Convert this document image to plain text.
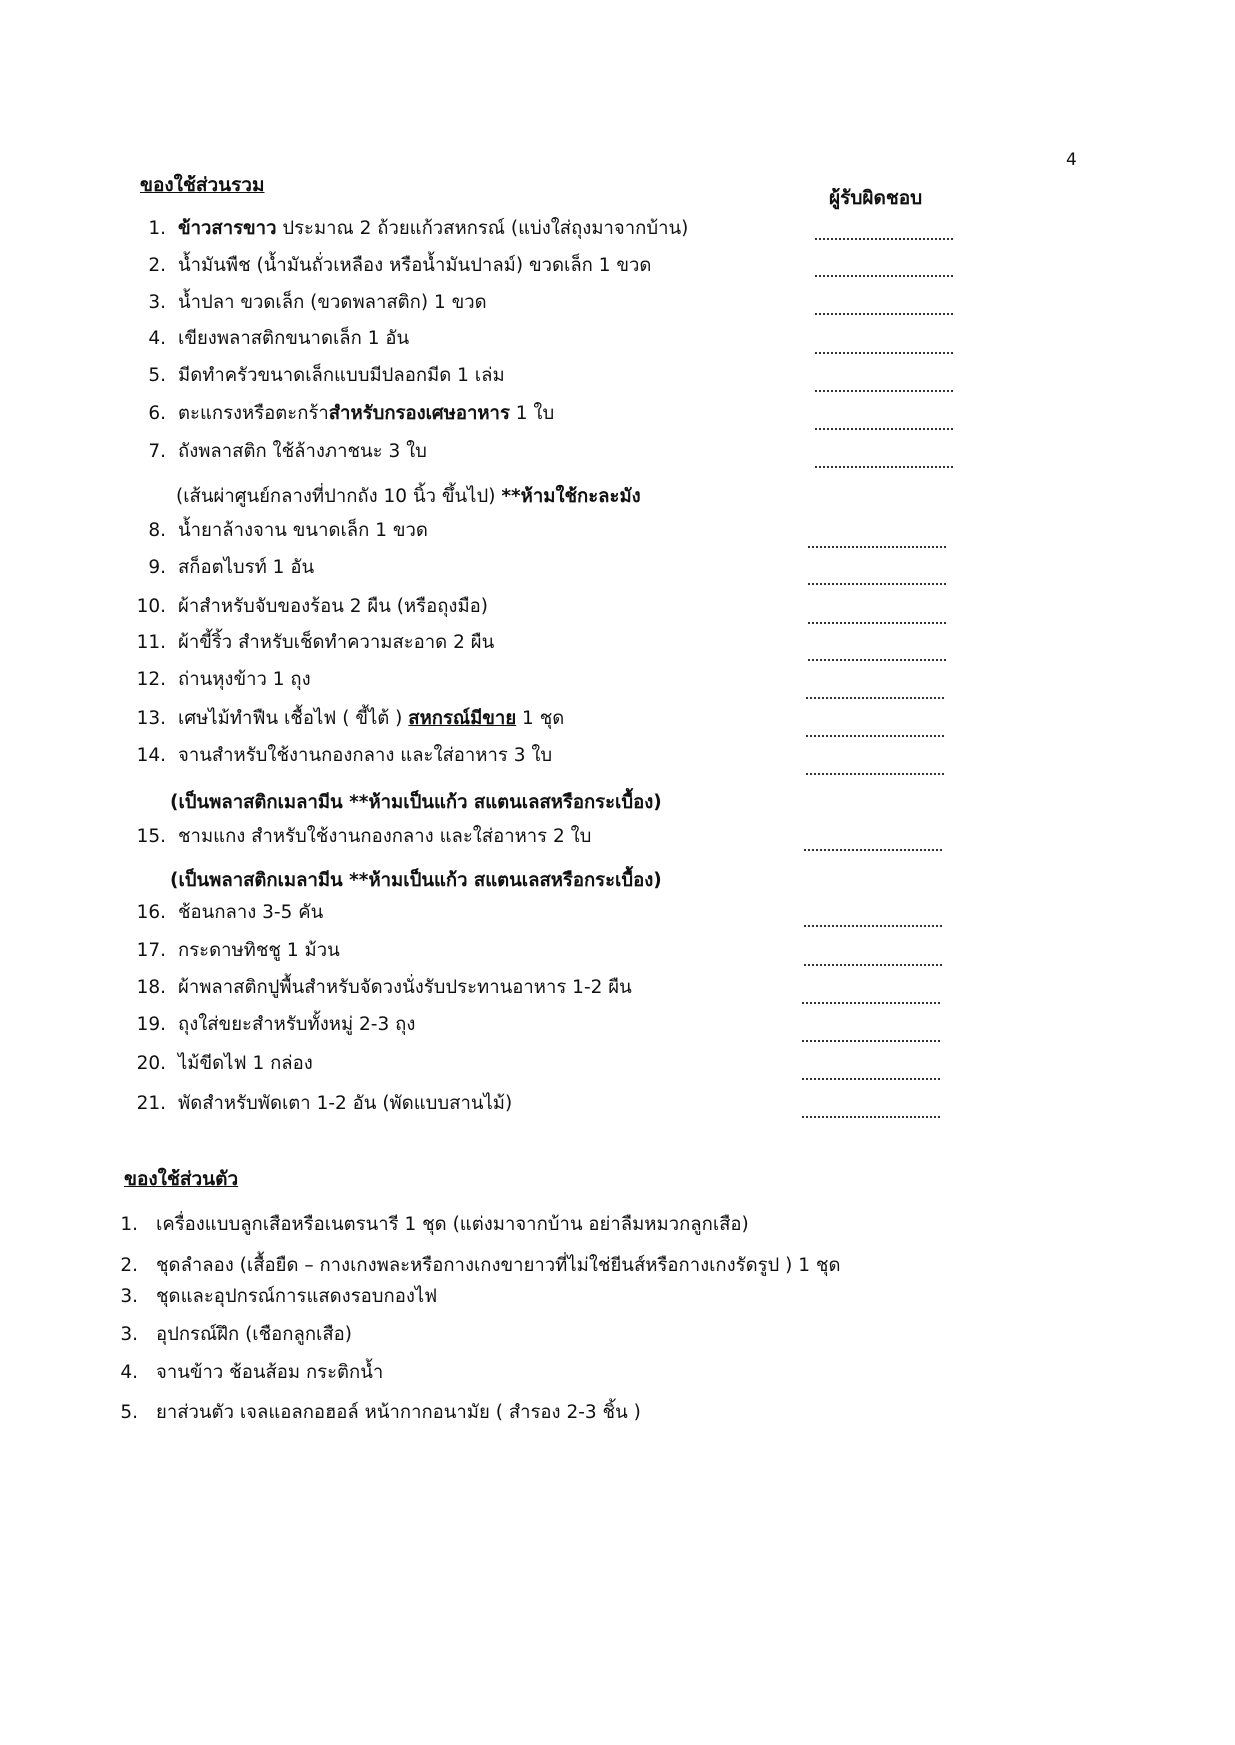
4
ของใช้ส่วนรวม
ผู้รับผิดชอบ
1. ข้าวสารขาว ประมาณ 2 ถ้วยแก้วสหกรณ์ (แบ่งใส่ถุงมาจากบ้าน)
2. น้ำมันพืช (น้ำมันถั่วเหลือง หรือน้ำมันปาลม์) ขวดเล็ก 1 ขวด
3. น้ำปลา ขวดเล็ก (ขวดพลาสติก) 1 ขวด
4. เขียงพลาสติกขนาดเล็ก 1 อัน
5. มีดทำครัวขนาดเล็กแบบมีปลอกมีด 1 เล่ม
6. ตะแกรงหรือตะกร้าสำหรับกรองเศษอาหาร 1 ใบ
7. ถังพลาสติก ใช้ล้างภาชนะ 3 ใบ
(เส้นผ่าศูนย์กลางที่ปากถัง 10 นิ้ว ขึ้นไป) **ห้ามใช้กะละมัง
8. น้ำยาล้างจาน ขนาดเล็ก 1 ขวด
9. สก็อตไบรท์ 1 อัน
10. ผ้าสำหรับจับของร้อน 2 ผืน (หรือถุงมือ)
11. ผ้าขี้ริ้ว สำหรับเช็ดทำความสะอาด 2 ผืน
12. ถ่านหุงข้าว 1 ถุง
13. เศษไม้ทำฟืน เชื้อไฟ ( ขี้ไต้ ) สหกรณ์มีขาย 1 ชุด
14. จานสำหรับใช้งานกองกลาง และใส่อาหาร 3 ใบ
(เป็นพลาสติกเมลามีน **ห้ามเป็นแก้ว สแตนเลสหรือกระเบื้อง)
15. ชามแกง สำหรับใช้งานกองกลาง และใส่อาหาร 2 ใบ
(เป็นพลาสติกเมลามีน **ห้ามเป็นแก้ว สแตนเลสหรือกระเบื้อง)
16. ช้อนกลาง 3-5 คัน
17. กระดาษทิชชู 1 ม้วน
18. ผ้าพลาสติกปูพื้นสำหรับจัดวงนั่งรับประทานอาหาร 1-2 ผืน
19. ถุงใส่ขยะสำหรับทั้งหมู่ 2-3 ถุง
20. ไม้ขีดไฟ 1 กล่อง
21. พัดสำหรับพัดเตา 1-2 อัน (พัดแบบสานไม้)
ของใช้ส่วนตัว
1. เครื่องแบบลูกเสือหรือเนตรนารี 1 ชุด (แต่งมาจากบ้าน อย่าลืมหมวกลูกเสือ)
2. ชุดลำลอง (เสื้อยืด – กางเกงพละหรือกางเกงขายาวที่ไม่ใช่ยีนส์หรือกางเกงรัดรูป ) 1 ชุด
3. ชุดและอุปกรณ์การแสดงรอบกองไฟ
3. อุปกรณ์ฝึก (เชือกลูกเสือ)
4. จานข้าว ช้อนส้อม กระติกน้ำ
5. ยาส่วนตัว เจลแอลกอฮอล์ หน้ากากอนามัย ( สำรอง 2-3 ชิ้น )
